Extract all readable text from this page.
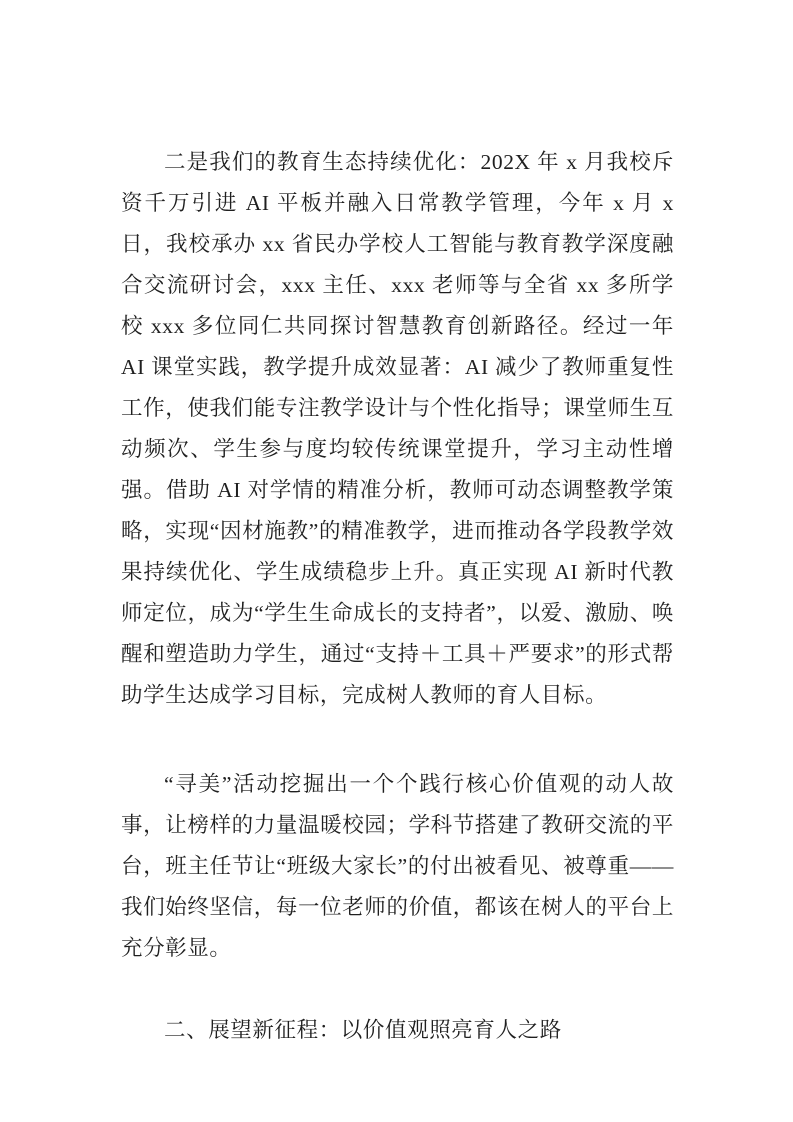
二是我们的教育生态持续优化：202X 年 x 月我校斥资千万引进 AI 平板并融入日常教学管理，今年 x 月 x 日，我校承办 xx 省民办学校人工智能与教育教学深度融合交流研讨会，xxx 主任、xxx 老师等与全省 xx 多所学校 xxx 多位同仁共同探讨智慧教育创新路径。经过一年 AI 课堂实践，教学提升成效显著：AI 减少了教师重复性工作，使我们能专注教学设计与个性化指导；课堂师生互动频次、学生参与度均较传统课堂提升，学习主动性增强。借助 AI 对学情的精准分析，教师可动态调整教学策略，实现“因材施教”的精准教学，进而推动各学段教学效果持续优化、学生成绩稳步上升。真正实现 AI 新时代教师定位，成为“学生生命成长的支持者”，以爱、激励、唤醒和塑造助力学生，通过“支持＋工具＋严要求”的形式帮助学生达成学习目标，完成树人教师的育人目标。

“寻美”活动挖掘出一个个践行核心价值观的动人故事，让榜样的力量温暖校园；学科节搭建了教研交流的平台，班主任节让“班级大家长”的付出被看见、被尊重——我们始终坚信，每一位老师的价值，都该在树人的平台上充分彰显。

二、展望新征程：以价值观照亮育人之路
